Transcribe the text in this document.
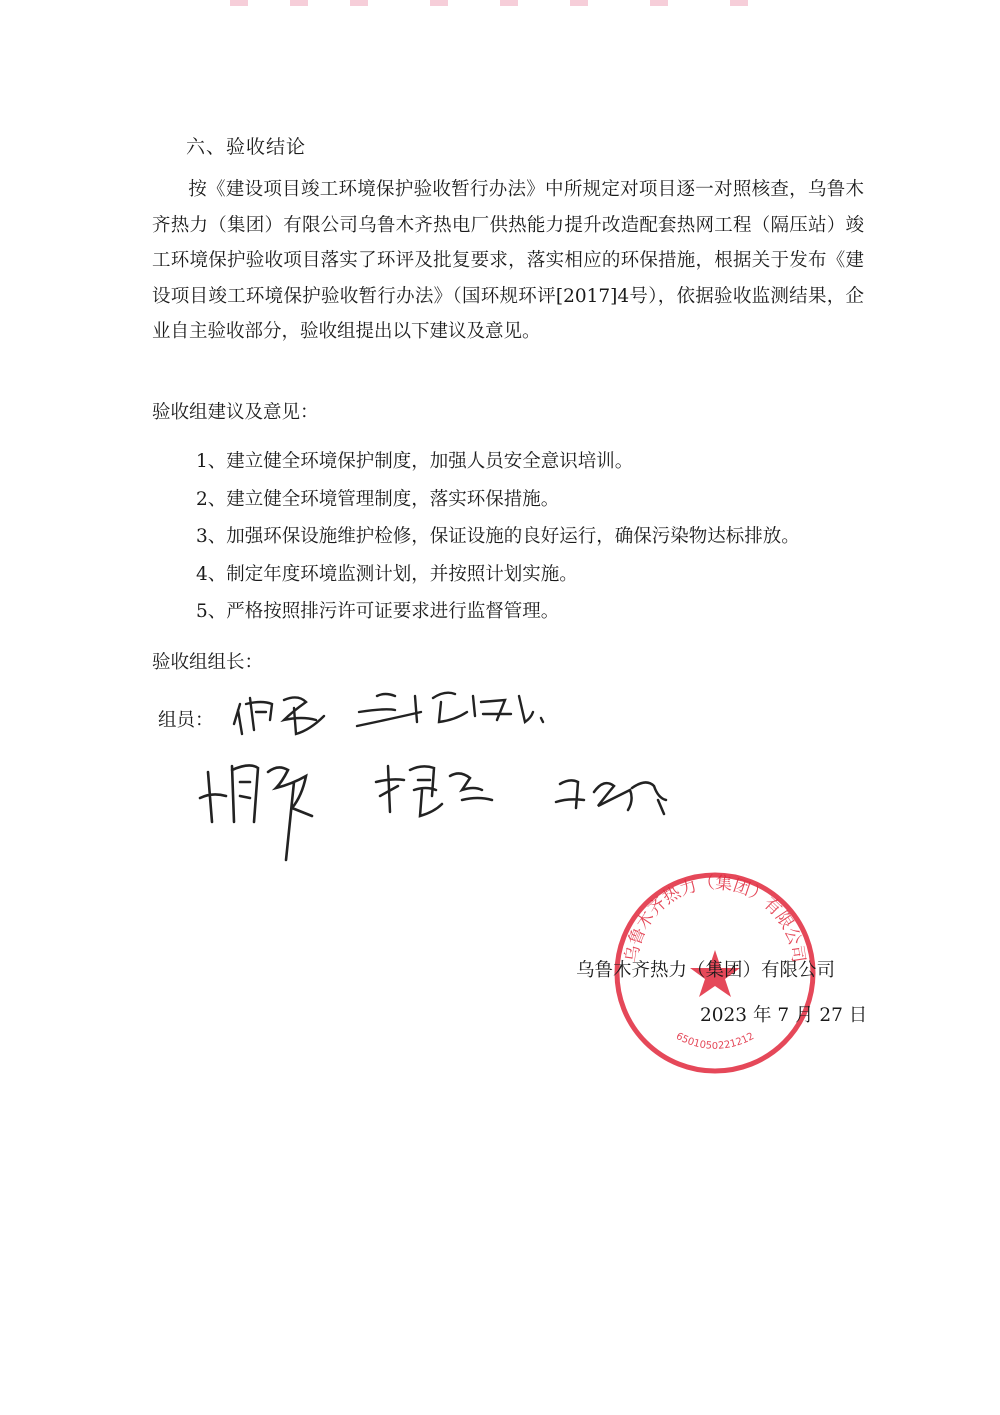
六、验收结论
按《建设项目竣工环境保护验收暂行办法》中所规定对项目逐一对照核查，乌鲁木齐热力（集团）有限公司乌鲁木齐热电厂供热能力提升改造配套热网工程（隔压站）竣工环境保护验收项目落实了环评及批复要求，落实相应的环保措施，根据关于发布《建设项目竣工环境保护验收暂行办法》（国环规环评[2017]4号），依据验收监测结果，企业自主验收部分，验收组提出以下建议及意见。
验收组建议及意见：
1、建立健全环境保护制度，加强人员安全意识培训。
2、建立健全环境管理制度，落实环保措施。
3、加强环保设施维护检修，保证设施的良好运行，确保污染物达标排放。
4、制定年度环境监测计划，并按照计划实施。
5、严格按照排污许可证要求进行监督管理。
验收组组长：
组员：
乌鲁木齐热力（集团）有限公司
6501050221212
乌鲁木齐热力（集团）有限公司
2023 年 7 月 27 日
